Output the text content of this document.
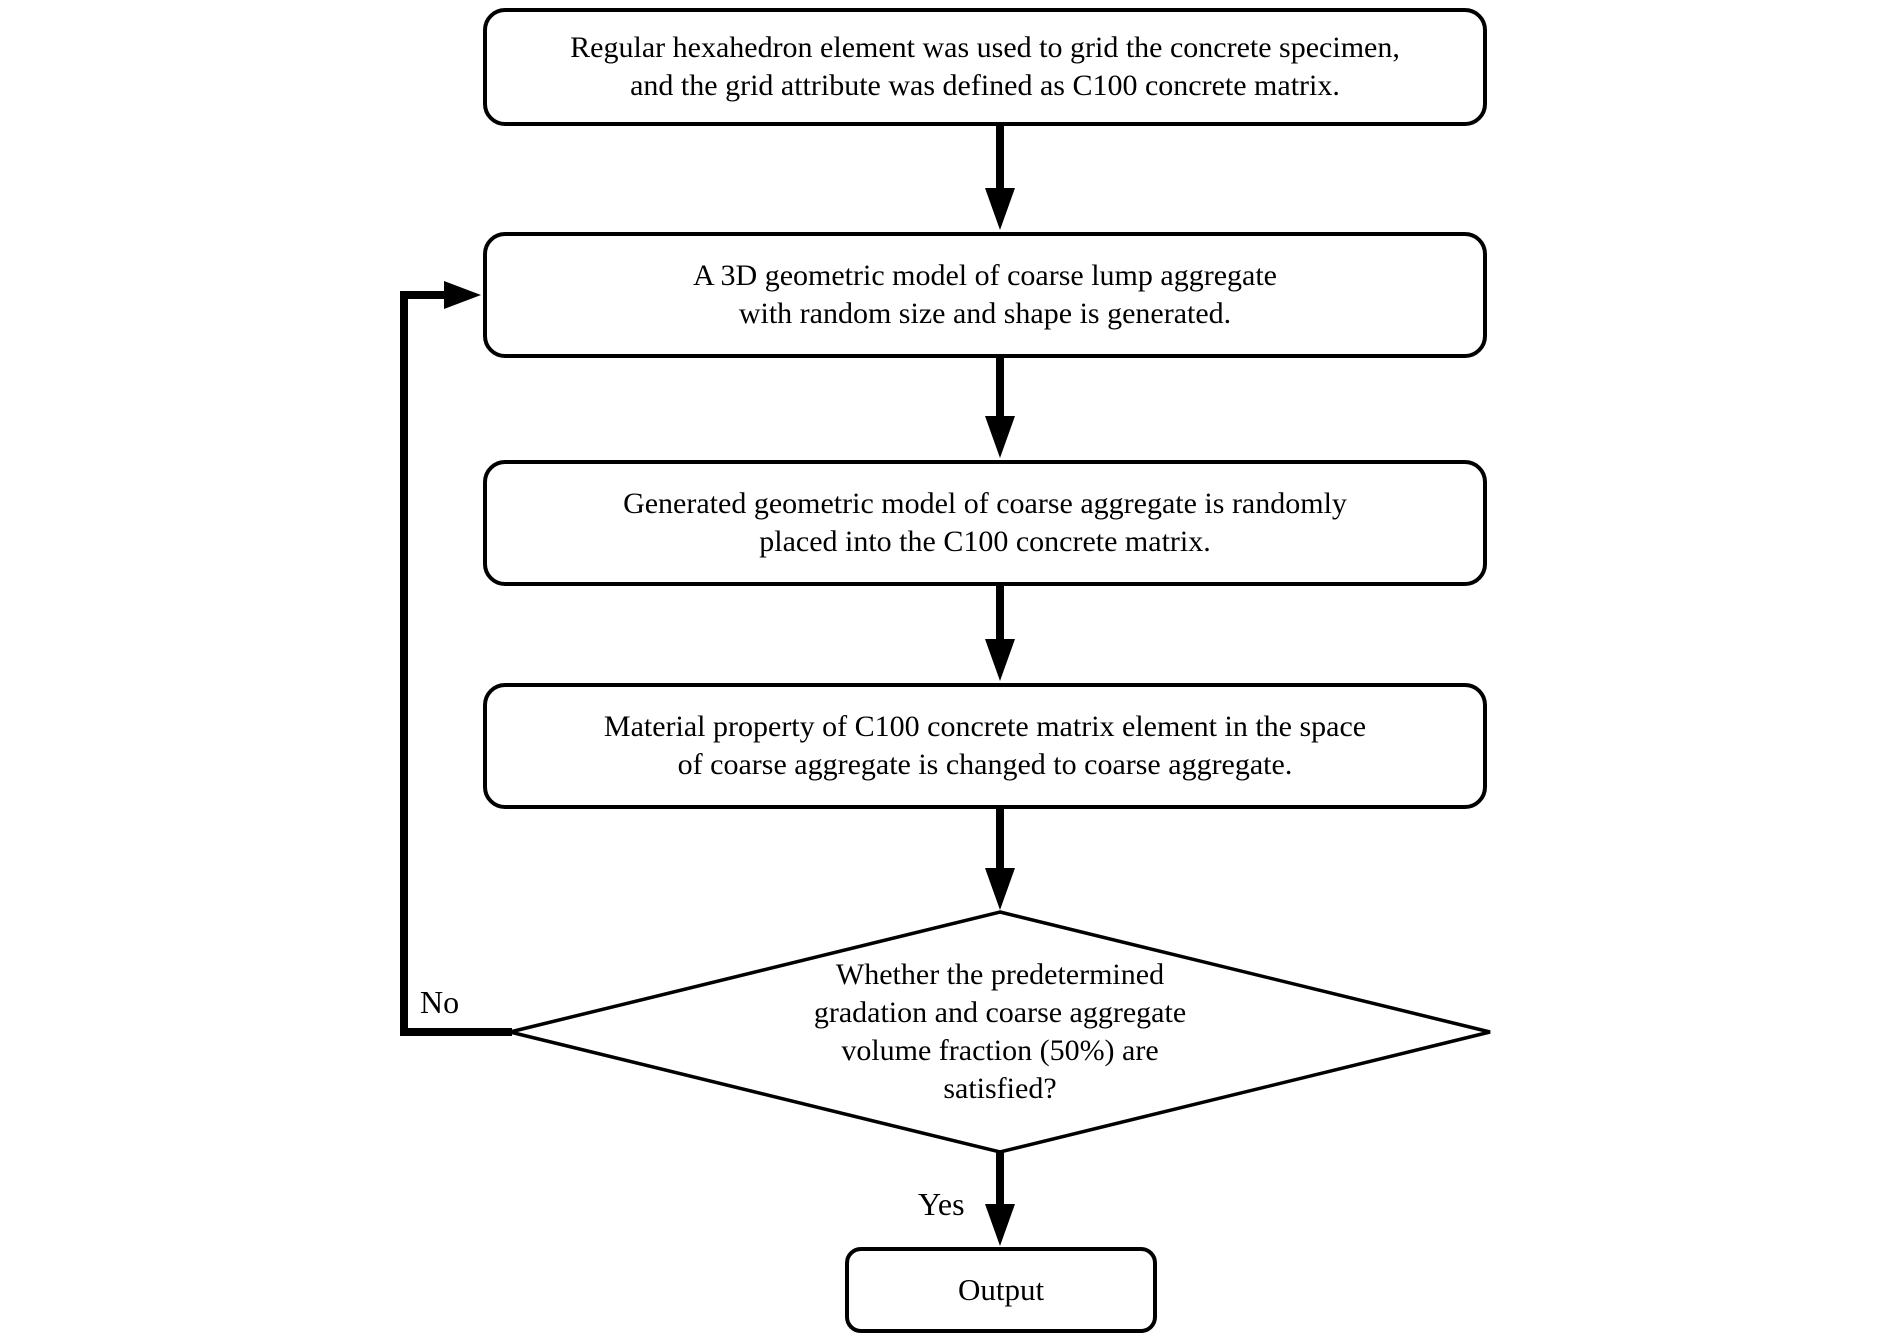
Regular hexahedron element was used to grid the concrete specimen,
and the grid attribute was defined as C100 concrete matrix.
A 3D geometric model of coarse lump aggregate
with random size and shape is generated.
Generated geometric model of coarse aggregate is randomly
placed into the C100 concrete matrix.
Material property of C100 concrete matrix element in the space
of coarse aggregate is changed to coarse aggregate.
Whether the predetermined
gradation and coarse aggregate
volume fraction (50%) are
satisfied?
No
Yes
Output
